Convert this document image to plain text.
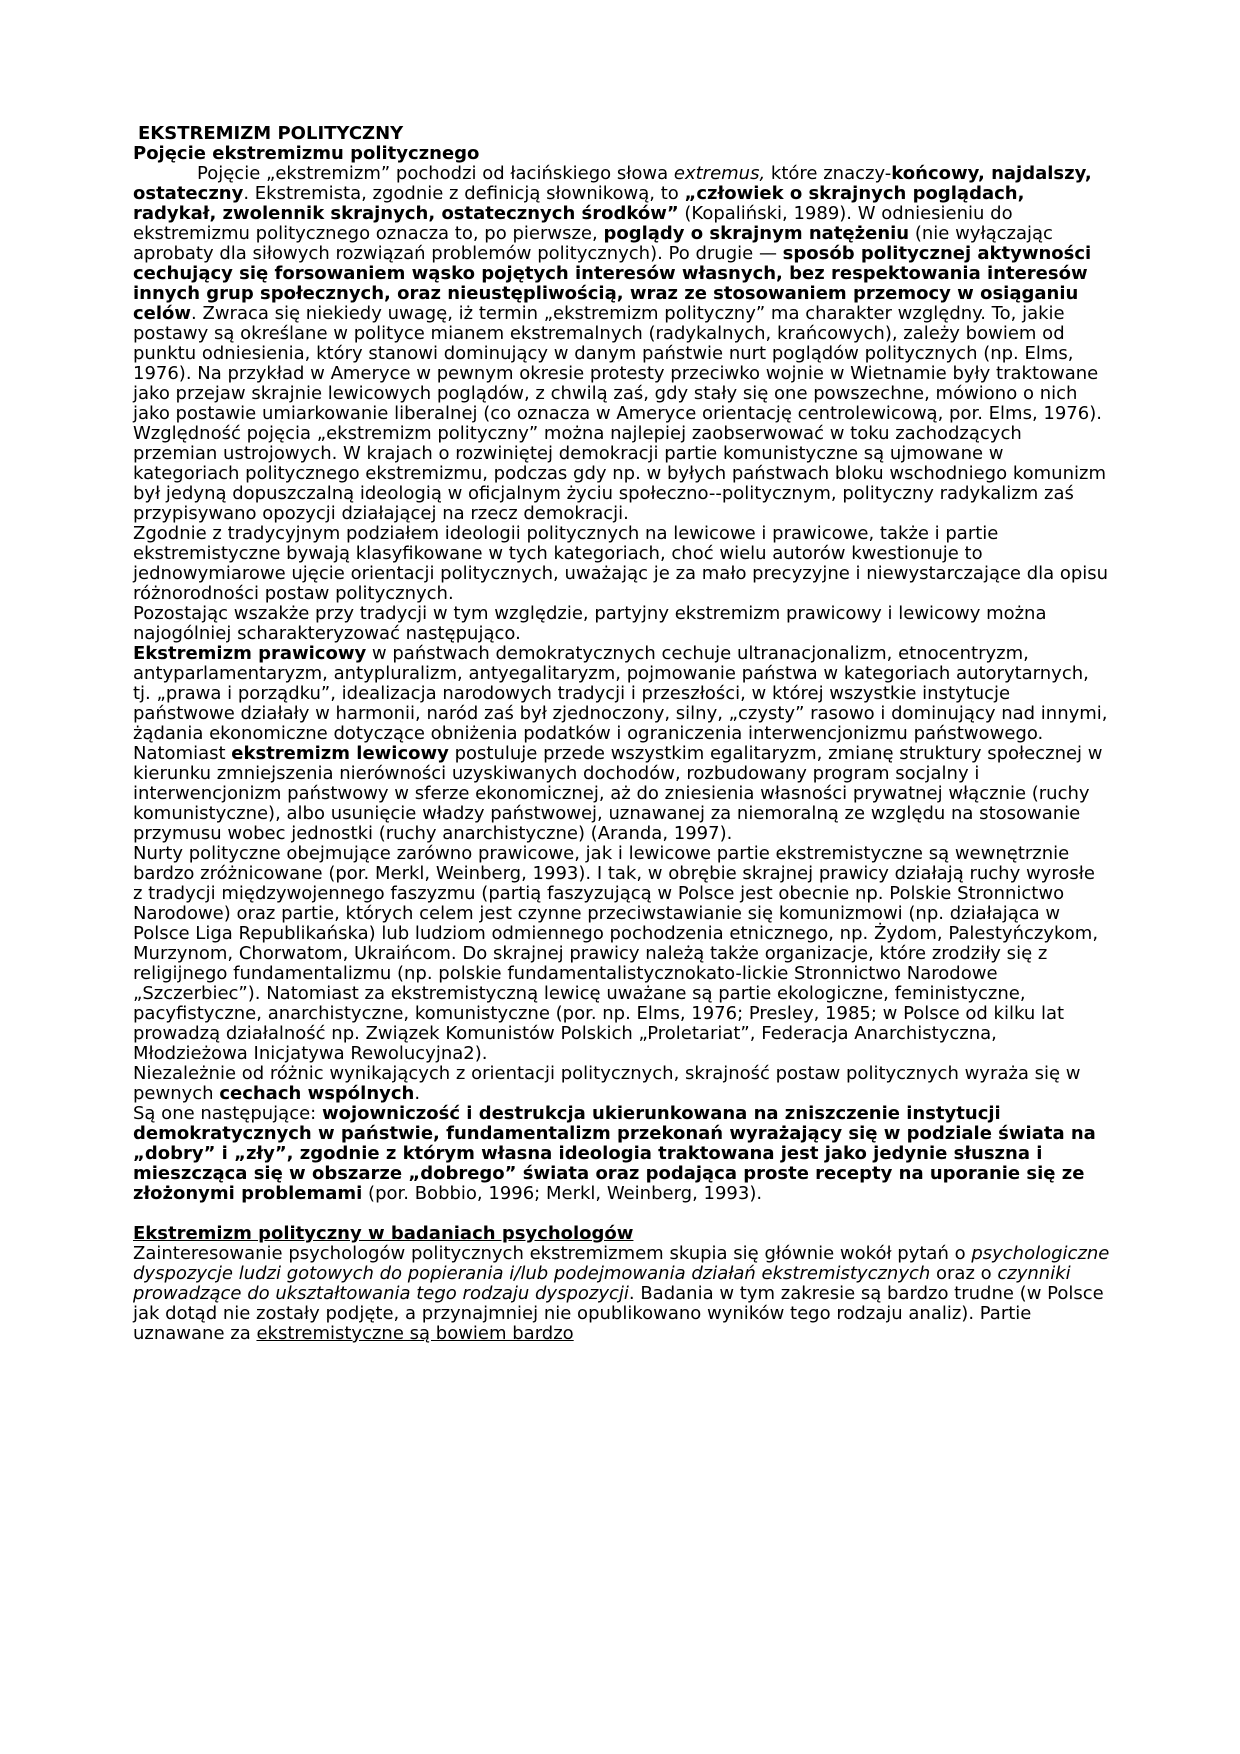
EKSTREMIZM POLITYCZNY
Pojęcie ekstremizmu politycznego

Pojęcie „ekstremizm” pochodzi od łacińskiego słowa extremus, które znaczy-końcowy, najdalszy, ostateczny. Ekstremista, zgodnie z definicją słownikową, to „człowiek o skrajnych poglądach, radykał, zwolennik skrajnych, ostatecznych środków” (Kopaliński, 1989). W odniesieniu do ekstremizmu politycznego oznacza to, po pierwsze, poglądy o skrajnym natężeniu (nie wyłączając aprobaty dla siłowych rozwiązań problemów politycznych). Po drugie — sposób politycznej aktywności cechujący się forsowaniem wąsko pojętych interesów własnych, bez respektowania interesów innych grup społecznych, oraz nieustępliwością, wraz ze stosowaniem przemocy w osiąganiu celów. Zwraca się niekiedy uwagę, iż termin „ekstremizm polityczny” ma charakter względny. To, jakie postawy są określane w polityce mianem ekstremalnych (radykalnych, krańcowych), zależy bowiem od punktu odniesienia, który stanowi dominujący w danym państwie nurt poglądów politycznych (np. Elms, 1976). Na przykład w Ameryce w pewnym okresie protesty przeciwko wojnie w Wietnamie były traktowane jako przejaw skrajnie lewicowych poglądów, z chwilą zaś, gdy stały się one powszechne, mówiono o nich jako postawie umiarkowanie liberalnej (co oznacza w Ameryce orientację centrolewicową, por. Elms, 1976).

Względność pojęcia „ekstremizm polityczny” można najlepiej zaobserwować w toku zachodzących przemian ustrojowych. W krajach o rozwiniętej demokracji partie komunistyczne są ujmowane w kategoriach politycznego ekstremizmu, podczas gdy np. w byłych państwach bloku wschodniego komunizm był jedyną dopuszczalną ideologią w oficjalnym życiu społeczno--politycznym, polityczny radykalizm zaś przypisywano opozycji działającej na rzecz demokracji.

Zgodnie z tradycyjnym podziałem ideologii politycznych na lewicowe i prawicowe, także i partie ekstremistyczne bywają klasyfikowane w tych kategoriach, choć wielu autorów kwestionuje to jednowymiarowe ujęcie orientacji politycznych, uważając je za mało precyzyjne i niewystarczające dla opisu różnorodności postaw politycznych.

Pozostając wszakże przy tradycji w tym względzie, partyjny ekstremizm prawicowy i lewicowy można najogólniej scharakteryzować następująco.

Ekstremizm prawicowy w państwach demokratycznych cechuje ultranacjonalizm, etnocentryzm, antyparlamentaryzm, antypluralizm, antyegalitaryzm, pojmowanie państwa w kategoriach autorytarnych, tj. „prawa i porządku”, idealizacja narodowych tradycji i przeszłości, w której wszystkie instytucje państwowe działały w harmonii, naród zaś był zjednoczony, silny, „czysty” rasowo i dominujący nad innymi, żądania ekonomiczne dotyczące obniżenia podatków i ograniczenia interwencjonizmu państwowego.

Natomiast ekstremizm lewicowy postuluje przede wszystkim egalitaryzm, zmianę struktury społecznej w kierunku zmniejszenia nierówności uzyskiwanych dochodów, rozbudowany program socjalny i interwencjonizm państwowy w sferze ekonomicznej, aż do zniesienia własności prywatnej włącznie (ruchy komunistyczne), albo usunięcie władzy państwowej, uznawanej za niemoralną ze względu na stosowanie przymusu wobec jednostki (ruchy anarchistyczne) (Aranda, 1997).

Nurty polityczne obejmujące zarówno prawicowe, jak i lewicowe partie ekstremistyczne są wewnętrznie bardzo zróżnicowane (por. Merkl, Weinberg, 1993). I tak, w obrębie skrajnej prawicy działają ruchy wyrosłe z tradycji międzywojennego faszyzmu (partią faszyzującą w Polsce jest obecnie np. Polskie Stronnictwo Narodowe) oraz partie, których celem jest czynne przeciwstawianie się komunizmowi (np. działająca w Polsce Liga Republikańska) lub ludziom odmiennego pochodzenia etnicznego, np. Żydom, Palestyńczykom, Murzynom, Chorwatom, Ukraińcom. Do skrajnej prawicy należą także organizacje, które zrodziły się z religijnego fundamentalizmu (np. polskie fundamentalistycznokato-lickie Stronnictwo Narodowe „Szczerbiec”). Natomiast za ekstremistyczną lewicę uważane są partie ekologiczne, feministyczne, pacyfistyczne, anarchistyczne, komunistyczne (por. np. Elms, 1976; Presley, 1985; w Polsce od kilku lat prowadzą działalność np. Związek Komunistów Polskich „Proletariat”, Federacja Anarchistyczna, Młodzieżowa Inicjatywa Rewolucyjna2).

Niezależnie od różnic wynikających z orientacji politycznych, skrajność postaw politycznych wyraża się w pewnych cechach wspólnych.

Są one następujące: wojowniczość i destrukcja ukierunkowana na zniszczenie instytucji demokratycznych w państwie, fundamentalizm przekonań wyrażający się w podziale świata na „dobry” i „zły”, zgodnie z którym własna ideologia traktowana jest jako jedynie słuszna i mieszcząca się w obszarze „dobrego” świata oraz podająca proste recepty na uporanie się ze złożonymi problemami (por. Bobbio, 1996; Merkl, Weinberg, 1993).

Ekstremizm polityczny w badaniach psychologów

Zainteresowanie psychologów politycznych ekstremizmem skupia się głównie wokół pytań o psychologiczne dyspozycje ludzi gotowych do popierania i/lub podejmowania działań ekstremistycznych oraz o czynniki prowadzące do ukształtowania tego rodzaju dyspozycji. Badania w tym zakresie są bardzo trudne (w Polsce jak dotąd nie zostały podjęte, a przynajmniej nie opublikowano wyników tego rodzaju analiz). Partie uznawane za ekstremistyczne są bowiem bardzo
